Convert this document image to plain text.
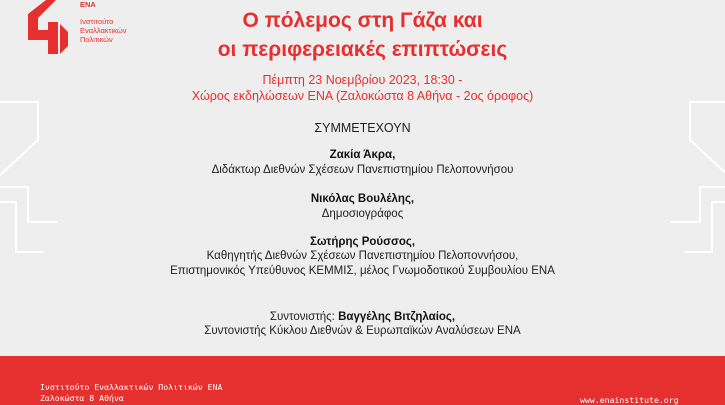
ΕΝΑ
Ινστιτούτο
Εναλλακτικών
Πολιτικών
Ο πόλεμος στη Γάζα και
οι περιφερειακές επιπτώσεις
Πέμπτη 23 Νοεμβρίου 2023, 18:30 -
Χώρος εκδηλώσεων ΕΝΑ (Ζαλοκώστα 8 Αθήνα - 2ος όροφος)
ΣΥΜΜΕΤΕΧΟΥΝ
Ζακία Άκρα,
Διδάκτωρ Διεθνών Σχέσεων Πανεπιστημίου Πελοποννήσου
Νικόλας Βουλέλης,
Δημοσιογράφος
Σωτήρης Ρούσσος,
Καθηγητής Διεθνών Σχέσεων Πανεπιστημίου Πελοποννήσου,
Επιστημονικός Υπεύθυνος ΚΕΜΜΙΣ, μέλος Γνωμοδοτικού Συμβουλίου ΕΝΑ
Συντονιστής: Βαγγέλης Βιτζηλαίος,
Συντονιστής Κύκλου Διεθνών & Ευρωπαϊκών Αναλύσεων ΕΝΑ
Ινστιτούτο Εναλλακτικών Πολιτικών ΕΝΑ
Ζαλοκώστα 8 Αθήνα	www.enainstitute.org
